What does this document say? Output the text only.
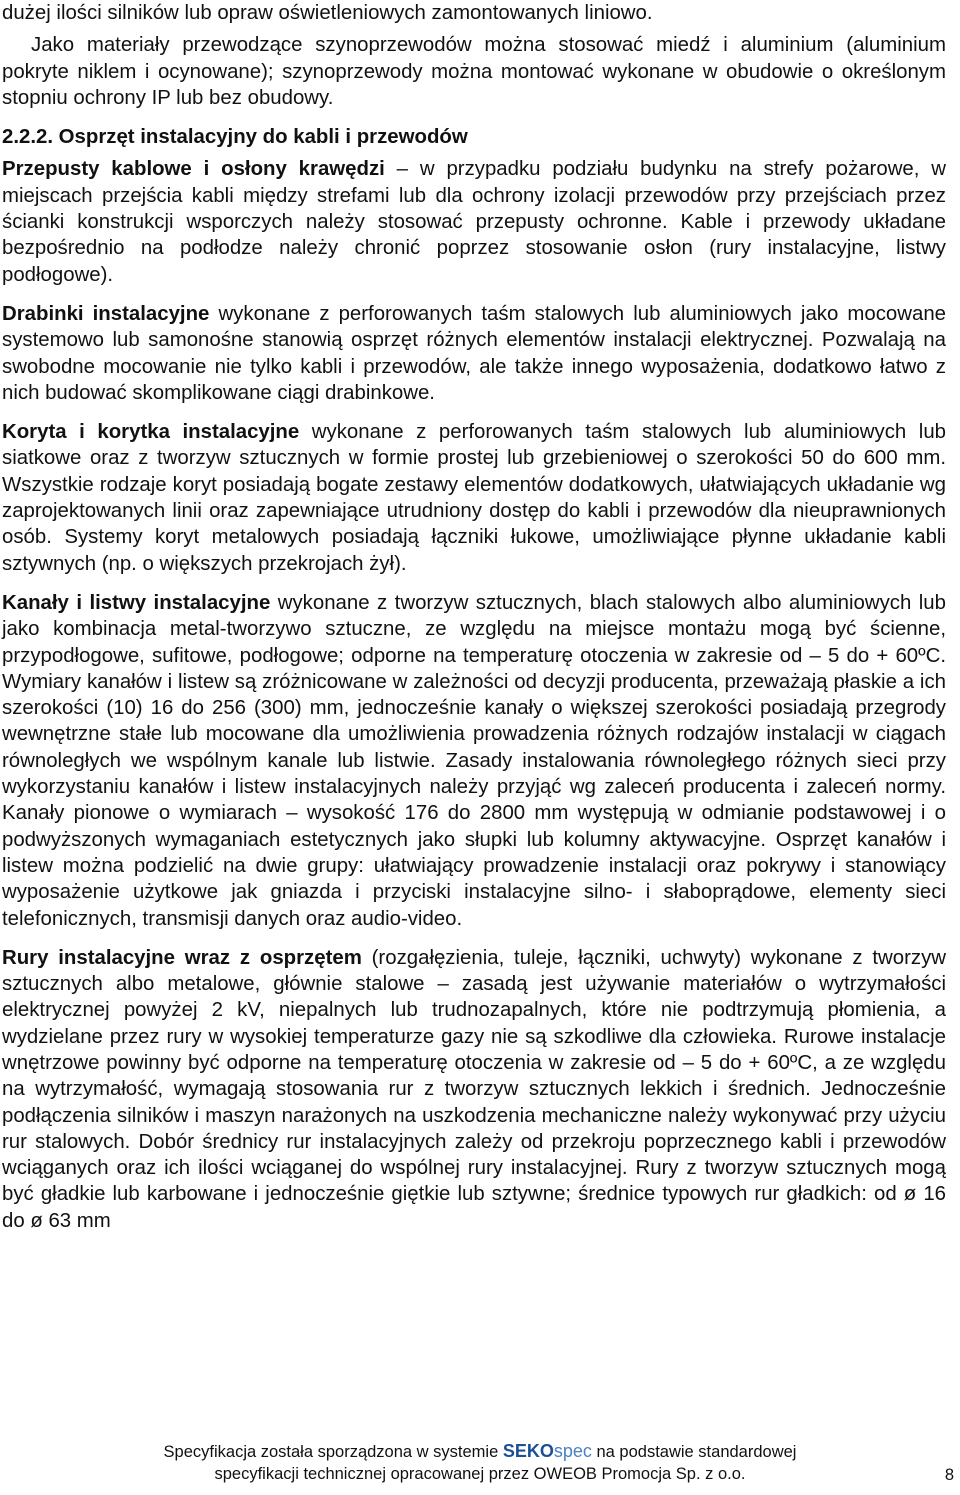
dużej ilości silników lub opraw oświetleniowych zamontowanych liniowo.

Jako materiały przewodzące szynoprzewodów można stosować miedź i aluminium (aluminium pokryte niklem i ocynowane); szynoprzewody można montować wykonane w obudowie o określonym stopniu ochrony IP lub bez obudowy.

2.2.2. Osprzęt instalacyjny do kabli i przewodów

Przepusty kablowe i osłony krawędzi – w przypadku podziału budynku na strefy pożarowe, w miejscach przejścia kabli między strefami lub dla ochrony izolacji przewodów przy przejściach przez ścianki konstrukcji wsporczych należy stosować przepusty ochronne. Kable i przewody układane bezpośrednio na podłodze należy chronić poprzez stosowanie osłon (rury instalacyjne, listwy podłogowe).

Drabinki instalacyjne wykonane z perforowanych taśm stalowych lub aluminiowych jako mocowane systemowo lub samonośne stanowią osprzęt różnych elementów instalacji elektrycznej. Pozwalają na swobodne mocowanie nie tylko kabli i przewodów, ale także innego wyposażenia, dodatkowo łatwo z nich budować skomplikowane ciągi drabinkowe.

Koryta i korytka instalacyjne wykonane z perforowanych taśm stalowych lub aluminiowych lub siatkowe oraz z tworzyw sztucznych w formie prostej lub grzebieniowej o szerokości 50 do 600 mm. Wszystkie rodzaje koryt posiadają bogate zestawy elementów dodatkowych, ułatwiających układanie wg zaprojektowanych linii oraz zapewniające utrudniony dostęp do kabli i przewodów dla nieuprawnionych osób. Systemy koryt metalowych posiadają łączniki łukowe, umożliwiające płynne układanie kabli sztywnych (np. o większych przekrojach żył).

Kanały i listwy instalacyjne wykonane z tworzyw sztucznych, blach stalowych albo aluminiowych lub jako kombinacja metal-tworzywo sztuczne, ze względu na miejsce montażu mogą być ścienne, przypodłogowe, sufitowe, podłogowe; odporne na temperaturę otoczenia w zakresie od – 5 do + 60ºC. Wymiary kanałów i listew są zróżnicowane w zależności od decyzji producenta, przeważają płaskie a ich szerokości (10) 16 do 256 (300) mm, jednocześnie kanały o większej szerokości posiadają przegrody wewnętrzne stałe lub mocowane dla umożliwienia prowadzenia różnych rodzajów instalacji w ciągach równoległych we wspólnym kanale lub listwie. Zasady instalowania równoległego różnych sieci przy wykorzystaniu kanałów i listew instalacyjnych należy przyjąć wg zaleceń producenta i zaleceń normy. Kanały pionowe o wymiarach – wysokość 176 do 2800 mm występują w odmianie podstawowej i o podwyższonych wymaganiach estetycznych jako słupki lub kolumny aktywacyjne. Osprzęt kanałów i listew można podzielić na dwie grupy: ułatwiający prowadzenie instalacji oraz pokrywy i stanowiący wyposażenie użytkowe jak gniazda i przyciski instalacyjne silno- i słaboprądowe, elementy sieci telefonicznych, transmisji danych oraz audio-video.

Rury instalacyjne wraz z osprzętem (rozgałęzienia, tuleje, łączniki, uchwyty) wykonane z tworzyw sztucznych albo metalowe, głównie stalowe – zasadą jest używanie materiałów o wytrzymałości elektrycznej powyżej 2 kV, niepalnych lub trudnozapalnych, które nie podtrzymują płomienia, a wydzielane przez rury w wysokiej temperaturze gazy nie są szkodliwe dla człowieka. Rurowe instalacje wnętrzowe powinny być odporne na temperaturę otoczenia w zakresie od – 5 do + 60ºC, a ze względu na wytrzymałość, wymagają stosowania rur z tworzyw sztucznych lekkich i średnich. Jednocześnie podłączenia silników i maszyn narażonych na uszkodzenia mechaniczne należy wykonywać przy użyciu rur stalowych. Dobór średnicy rur instalacyjnych zależy od przekroju poprzecznego kabli i przewodów wciąganych oraz ich ilości wciąganej do wspólnej rury instalacyjnej. Rury z tworzyw sztucznych mogą być gładkie lub karbowane i jednocześnie giętkie lub sztywne; średnice typowych rur gładkich: od ø 16 do ø 63 mm

Specyfikacja została sporządzona w systemie SEKOspec na podstawie standardowej
specyfikacji technicznej opracowanej przez OWEOB Promocja Sp. z o.o.	8
